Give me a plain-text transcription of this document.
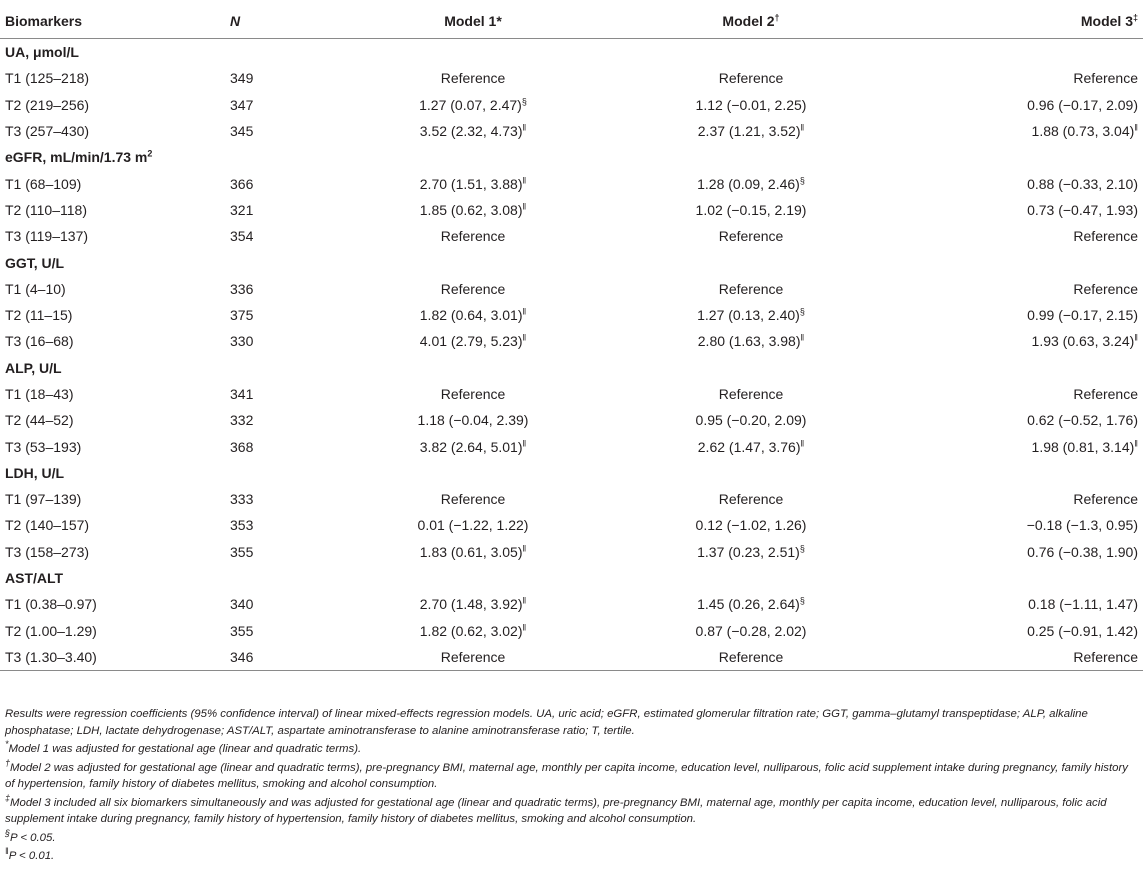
Biomarkers	N	Model 1*	Model 2†	Model 3‡
UA, μmol/L				
T1 (125–218)	349	Reference	Reference	Reference
T2 (219–256)	347	1.27 (0.07, 2.47)§	1.12 (−0.01, 2.25)	0.96 (−0.17, 2.09)
T3 (257–430)	345	3.52 (2.32, 4.73)‖	2.37 (1.21, 3.52)‖	1.88 (0.73, 3.04)‖
eGFR, mL/min/1.73 $m^2$
T1 (68–109)	366	2.70 (1.51, 3.88)‖	1.28 (0.09, 2.46)§	0.88 (−0.33, 2.10)
T2 (110–118)	321	1.85 (0.62, 3.08)‖	1.02 (−0.15, 2.19)	0.73 (−0.47, 1.93)
T3 (119–137)	354	Reference	Reference	Reference
GGT, U/L				
T1 (4–10)	336	Reference	Reference	Reference
T2 (11–15)	375	1.82 (0.64, 3.01)‖	1.27 (0.13, 2.40)§	0.99 (−0.17, 2.15)
T3 (16–68)	330	4.01 (2.79, 5.23)‖	2.80 (1.63, 3.98)‖	1.93 (0.63, 3.24)‖
ALP, U/L				
T1 (18–43)	341	Reference	Reference	Reference
T2 (44–52)	332	1.18 (−0.04, 2.39)	0.95 (−0.20, 2.09)	0.62 (−0.52, 1.76)
T3 (53–193)	368	3.82 (2.64, 5.01)‖	2.62 (1.47, 3.76)‖	1.98 (0.81, 3.14)‖
LDH, U/L				
T1 (97–139)	333	Reference	Reference	Reference
T2 (140–157)	353	0.01 (−1.22, 1.22)	0.12 (−1.02, 1.26)	−0.18 (−1.3, 0.95)
T3 (158–273)	355	1.83 (0.61, 3.05)‖	1.37 (0.23, 2.51)§	0.76 (−0.38, 1.90)
AST/ALT				
T1 (0.38–0.97)	340	2.70 (1.48, 3.92)‖	1.45 (0.26, 2.64)§	0.18 (−1.11, 1.47)
T2 (1.00–1.29)	355	1.82 (0.62, 3.02)‖	0.87 (−0.28, 2.02)	0.25 (−0.91, 1.42)
T3 (1.30–3.40)	346	Reference	Reference	Reference

Results were regression coefficients (95% confidence interval) of linear mixed-effects regression models. UA, uric acid; eGFR, estimated glomerular filtration rate; GGT, gamma–glutamyl transpeptidase; ALP, alkaline phosphatase; LDH, lactate dehydrogenase; AST/ALT, aspartate aminotransferase to alanine aminotransferase ratio; T, tertile.

*Model 1 was adjusted for gestational age (linear and quadratic terms).

†Model 2 was adjusted for gestational age (linear and quadratic terms), pre-pregnancy BMI, maternal age, monthly per capita income, education level, nulliparous, folic acid supplement intake during pregnancy, family history of hypertension, family history of diabetes mellitus, smoking and alcohol consumption.

‡Model 3 included all six biomarkers simultaneously and was adjusted for gestational age (linear and quadratic terms), pre-pregnancy BMI, maternal age, monthly per capita income, education level, nulliparous, folic acid supplement intake during pregnancy, family history of hypertension, family history of diabetes mellitus, smoking and alcohol consumption.

§P < 0.05.

‖P < 0.01.
